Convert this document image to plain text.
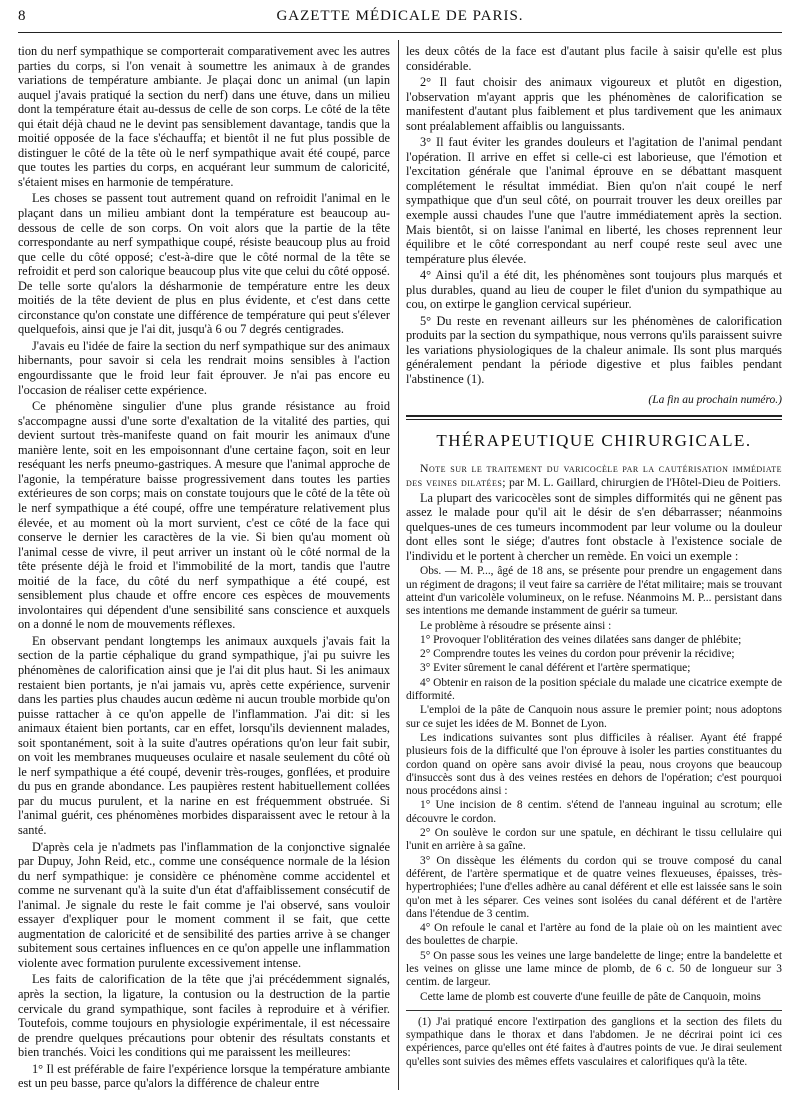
8	GAZETTE MÉDICALE DE PARIS.

tion du nerf sympathique se comporterait comparativement avec les autres parties du corps, si l'on venait à soumettre les animaux à de grandes variations de température ambiante. Je plaçai donc un animal (un lapin auquel j'avais pratiqué la section du nerf) dans une étuve, dans un milieu dont la température était au-dessus de celle de son corps. Le côté de la tête qui était déjà chaud ne le devint pas sensiblement davantage, tandis que la moitié opposée de la face s'échauffa; et bientôt il ne fut plus possible de distinguer le côté de la tête où le nerf sympathique avait été coupé, parce que toutes les parties du corps, en acquérant leur summum de caloricité, s'étaient mises en harmonie de température.

Les choses se passent tout autrement quand on refroidit l'animal en le plaçant dans un milieu ambiant dont la température est beaucoup au-dessous de celle de son corps. On voit alors que la partie de la tête correspondante au nerf sympathique coupé, résiste beaucoup plus au froid que celle du côté opposé; c'est-à-dire que le côté normal de la tête se refroidit et perd son calorique beaucoup plus vite que celui du côté opposé. De telle sorte qu'alors la désharmonie de température entre les deux moitiés de la tête devient de plus en plus évidente, et c'est dans cette circonstance qu'on constate une différence de température qui peut s'élever quelquefois, ainsi que je l'ai dit, jusqu'à 6 ou 7 degrés centigrades.

J'avais eu l'idée de faire la section du nerf sympathique sur des animaux hibernants, pour savoir si cela les rendrait moins sensibles à l'action engourdissante que le froid leur fait éprouver. Je n'ai pas encore eu l'occasion de réaliser cette expérience.

Ce phénomène singulier d'une plus grande résistance au froid s'accompagne aussi d'une sorte d'exaltation de la vitalité des parties, qui devient surtout très-manifeste quand on fait mourir les animaux d'une manière lente, soit en les empoisonnant d'une certaine façon, soit en leur reséquant les nerfs pneumo-gastriques. A mesure que l'animal approche de l'agonie, la température baisse progressivement dans toutes les parties extérieures de son corps; mais on constate toujours que le côté de la tête où le nerf sympathique a été coupé, offre une température relativement plus élevée, et au moment où la mort survient, c'est ce côté de la face qui conserve le dernier les caractères de la vie. Si bien qu'au moment où l'animal cesse de vivre, il peut arriver un instant où le côté normal de la tête présente déjà le froid et l'immobilité de la mort, tandis que l'autre moitié de la face, du côté du nerf sympathique a été coupé, est sensiblement plus chaude et offre encore ces espèces de mouvements involontaires qui dépendent d'une sensibilité sans conscience et auxquels on a donné le nom de mouvements réflexes.

En observant pendant longtemps les animaux auxquels j'avais fait la section de la partie céphalique du grand sympathique, j'ai pu suivre les phénomènes de calorification ainsi que je l'ai dit plus haut. Si les animaux restaient bien portants, je n'ai jamais vu, après cette expérience, survenir dans les parties plus chaudes aucun œdème ni aucun trouble morbide qu'on puisse rattacher à ce qu'on appelle de l'inflammation. J'ai dit: si les animaux étaient bien portants, car en effet, lorsqu'ils deviennent malades, soit spontanément, soit à la suite d'autres opérations qu'on leur fait subir, on voit les membranes muqueuses oculaire et nasale seulement du côté où le nerf sympathique a été coupé, devenir très-rouges, gonflées, et produire du pus en grande abondance. Les paupières restent habituellement collées par du mucus purulent, et la narine en est fréquemment obstruée. Si l'animal guérit, ces phénomènes morbides disparaissent avec le retour à la santé.

D'après cela je n'admets pas l'inflammation de la conjonctive signalée par Dupuy, John Reid, etc., comme une conséquence normale de la lésion du nerf sympathique: je considère ce phénomène comme accidentel et comme ne survenant qu'à la suite d'un état d'affaiblissement consécutif de l'animal. Je signale du reste le fait comme je l'ai observé, sans vouloir essayer d'expliquer pour le moment comment il se fait, que cette augmentation de caloricité et de sensibilité des parties arrive à se changer subitement sous certaines influences en ce qu'on appelle une inflammation violente avec formation purulente excessivement intense.

Les faits de calorification de la tête que j'ai précédemment signalés, après la section, la ligature, la contusion ou la destruction de la partie cervicale du grand sympathique, sont faciles à reproduire et à vérifier. Toutefois, comme toujours en physiologie expérimentale, il est nécessaire de prendre quelques précautions pour obtenir des résultats constants et bien tranchés. Voici les conditions qui me paraissent les meilleures:

1° Il est préférable de faire l'expérience lorsque la température ambiante est un peu basse, parce qu'alors la différence de chaleur entre

les deux côtés de la face est d'autant plus facile à saisir qu'elle est plus considérable.

2° Il faut choisir des animaux vigoureux et plutôt en digestion, l'observation m'ayant appris que les phénomènes de calorification se manifestent d'autant plus faiblement et plus tardivement que les animaux sont préalablement affaiblis ou languissants.

3° Il faut éviter les grandes douleurs et l'agitation de l'animal pendant l'opération. Il arrive en effet si celle-ci est laborieuse, que l'émotion et l'excitation générale que l'animal éprouve en se débattant masquent complétement le résultat immédiat. Bien qu'on n'ait coupé le nerf sympathique que d'un seul côté, on pourrait trouver les deux oreilles par exemple aussi chaudes l'une que l'autre immédiatement après la section. Mais bientôt, si on laisse l'animal en liberté, les choses reprennent leur équilibre et le côté correspondant au nerf coupé reste seul avec une température plus élevée.

4° Ainsi qu'il a été dit, les phénomènes sont toujours plus marqués et plus durables, quand au lieu de couper le filet d'union du sympathique au cou, on extirpe le ganglion cervical supérieur.

5° Du reste en revenant ailleurs sur les phénomènes de calorification produits par la section du sympathique, nous verrons qu'ils paraissent suivre les variations physiologiques de la chaleur animale. Ils sont plus marqués généralement pendant la période digestive et plus faibles pendant l'abstinence (1).

(La fin au prochain numéro.)
THÉRAPEUTIQUE CHIRURGICALE.

Note sur le traitement du varicocèle par la cautérisation immédiate des veines dilatées; par M. L. Gaillard, chirurgien de l'Hôtel-Dieu de Poitiers.

La plupart des varicocèles sont de simples difformités qui ne gênent pas assez le malade pour qu'il ait le désir de s'en débarrasser; néanmoins quelques-unes de ces tumeurs incommodent par leur volume ou la douleur dont elles sont le siége; d'autres font obstacle à l'existence sociale de l'individu et le portent à chercher un remède. En voici un exemple :

Obs. — M. P..., âgé de 18 ans, se présente pour prendre un engagement dans un régiment de dragons; il veut faire sa carrière de l'état militaire; mais se trouvant atteint d'un varicolèle volumineux, on le refuse. Néanmoins M. P... persistant dans ses intentions me demande instamment de guérir sa tumeur.

Le problème à résoudre se présente ainsi :

1° Provoquer l'oblitération des veines dilatées sans danger de phlébite;

2° Comprendre toutes les veines du cordon pour prévenir la récidive;

3° Eviter sûrement le canal déférent et l'artère spermatique;

4° Obtenir en raison de la position spéciale du malade une cicatrice exempte de difformité.

L'emploi de la pâte de Canquoin nous assure le premier point; nous adoptons sur ce sujet les idées de M. Bonnet de Lyon.

Les indications suivantes sont plus difficiles à réaliser. Ayant été frappé plusieurs fois de la difficulté que l'on éprouve à isoler les parties constituantes du cordon quand on opère sans avoir divisé la peau, nous croyons que beaucoup d'insuccès sont dus à des veines restées en dehors de l'opération; c'est pourquoi nous procédons ainsi :

1° Une incision de 8 centim. s'étend de l'anneau inguinal au scrotum; elle découvre le cordon.

2° On soulève le cordon sur une spatule, en déchirant le tissu cellulaire qui l'unit en arrière à sa gaîne.

3° On dissèque les éléments du cordon qui se trouve composé du canal déférent, de l'artère spermatique et de quatre veines flexueuses, épaisses, très-hypertrophiées; l'une d'elles adhère au canal déférent et elle est laissée sans le soin qu'on met à les séparer. Ces veines sont isolées du canal déférent et de l'artère dans l'étendue de 3 centim.

4° On refoule le canal et l'artère au fond de la plaie où on les maintient avec des boulettes de charpie.

5° On passe sous les veines une large bandelette de linge; entre la bandelette et les veines on glisse une lame mince de plomb, de 6 c. 50 de longueur sur 3 centim. de largeur.

Cette lame de plomb est couverte d'une feuille de pâte de Canquoin, moins

(1) J'ai pratiqué encore l'extirpation des ganglions et la section des filets du sympathique dans le thorax et dans l'abdomen. Je ne décrirai point ici ces expériences, parce qu'elles ont été faites à d'autres points de vue. Je dirai seulement qu'elles sont suivies des mêmes effets vasculaires et calorifiques qu'à la tête.
